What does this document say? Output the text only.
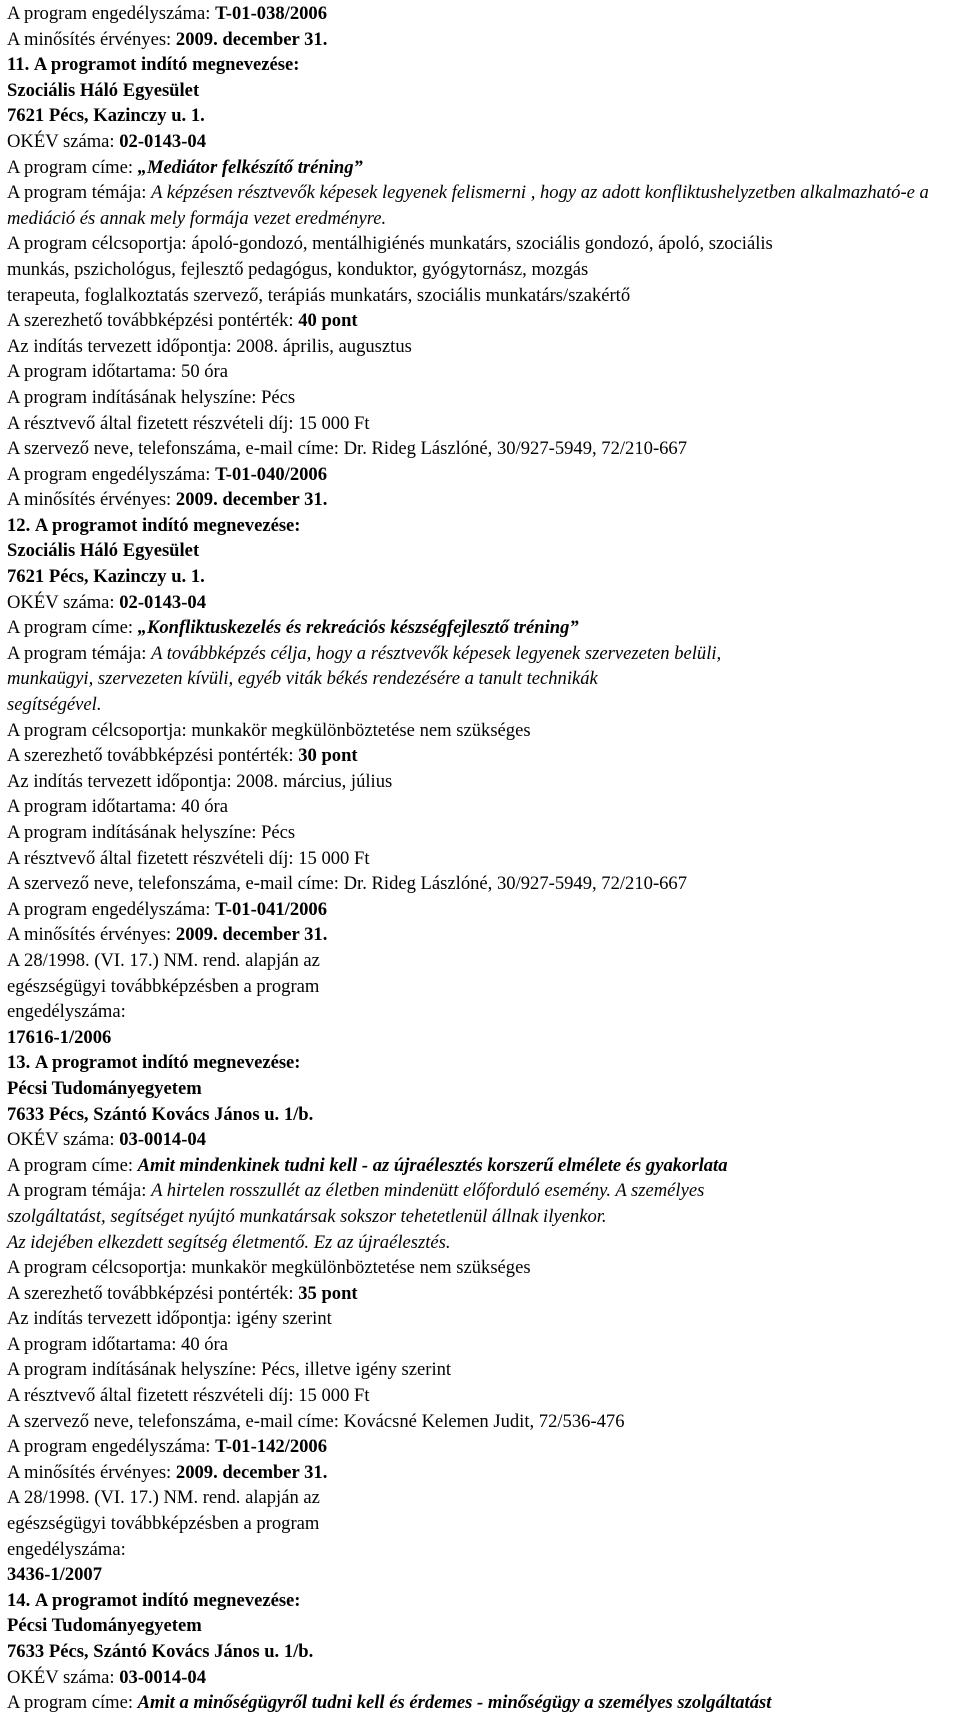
A program engedélyszáma: T-01-038/2006
A minősítés érvényes: 2009. december 31.
11. A programot indító megnevezése:
Szociális Háló Egyesület
7621 Pécs, Kazinczy u. 1.
OKÉV száma: 02-0143-04
A program címe: „Mediátor felkészítő tréning”
A program témája: A képzésen résztvevők képesek legyenek felismerni , hogy az adott konfliktushelyzetben alkalmazható-e a mediáció és annak mely formája vezet eredményre.
A program célcsoportja: ápoló-gondozó, mentálhigiénés munkatárs, szociális gondozó, ápoló, szociális
munkás, pszichológus, fejlesztő pedagógus, konduktor, gyógytornász, mozgás
terapeuta, foglalkoztatás szervező, terápiás munkatárs, szociális munkatárs/szakértő
A szerezhető továbbképzési pontérték: 40 pont
Az indítás tervezett időpontja: 2008. április, augusztus
A program időtartama: 50 óra
A program indításának helyszíne: Pécs
A résztvevő által fizetett részvételi díj: 15 000 Ft
A szervező neve, telefonszáma, e-mail címe: Dr. Rideg Lászlóné, 30/927-5949, 72/210-667
A program engedélyszáma: T-01-040/2006
A minősítés érvényes: 2009. december 31.
12. A programot indító megnevezése:
Szociális Háló Egyesület
7621 Pécs, Kazinczy u. 1.
OKÉV száma: 02-0143-04
A program címe: „Konfliktuskezelés és rekreációs készségfejlesztő tréning”
A program témája: A továbbképzés célja, hogy a résztvevők képesek legyenek szervezeten belüli,
munkaügyi, szervezeten kívüli, egyéb viták békés rendezésére a tanult technikák
segítségével.
A program célcsoportja: munkakör megkülönböztetése nem szükséges
A szerezhető továbbképzési pontérték: 30 pont
Az indítás tervezett időpontja: 2008. március, július
A program időtartama: 40 óra
A program indításának helyszíne: Pécs
A résztvevő által fizetett részvételi díj: 15 000 Ft
A szervező neve, telefonszáma, e-mail címe: Dr. Rideg Lászlóné, 30/927-5949, 72/210-667
A program engedélyszáma: T-01-041/2006
A minősítés érvényes: 2009. december 31.
A 28/1998. (VI. 17.) NM. rend. alapján az
egészségügyi továbbképzésben a program
engedélyszáma:
17616-1/2006
13. A programot indító megnevezése:
Pécsi Tudományegyetem
7633 Pécs, Szántó Kovács János u. 1/b.
OKÉV száma: 03-0014-04
A program címe: Amit mindenkinek tudni kell - az újraélesztés korszerű elmélete és gyakorlata
A program témája: A hirtelen rosszullét az életben mindenütt előforduló esemény. A személyes
szolgáltatást, segítséget nyújtó munkatársak sokszor tehetetlenül állnak ilyenkor.
Az idejében elkezdett segítség életmentő. Ez az újraélesztés.
A program célcsoportja: munkakör megkülönböztetése nem szükséges
A szerezhető továbbképzési pontérték: 35 pont
Az indítás tervezett időpontja: igény szerint
A program időtartama: 40 óra
A program indításának helyszíne: Pécs, illetve igény szerint
A résztvevő által fizetett részvételi díj: 15 000 Ft
A szervező neve, telefonszáma, e-mail címe: Kovácsné Kelemen Judit, 72/536-476
A program engedélyszáma: T-01-142/2006
A minősítés érvényes: 2009. december 31.
A 28/1998. (VI. 17.) NM. rend. alapján az
egészségügyi továbbképzésben a program
engedélyszáma:
3436-1/2007
14. A programot indító megnevezése:
Pécsi Tudományegyetem
7633 Pécs, Szántó Kovács János u. 1/b.
OKÉV száma: 03-0014-04
A program címe: Amit a minőségügyről tudni kell és érdemes - minőségügy a személyes szolgáltatást
